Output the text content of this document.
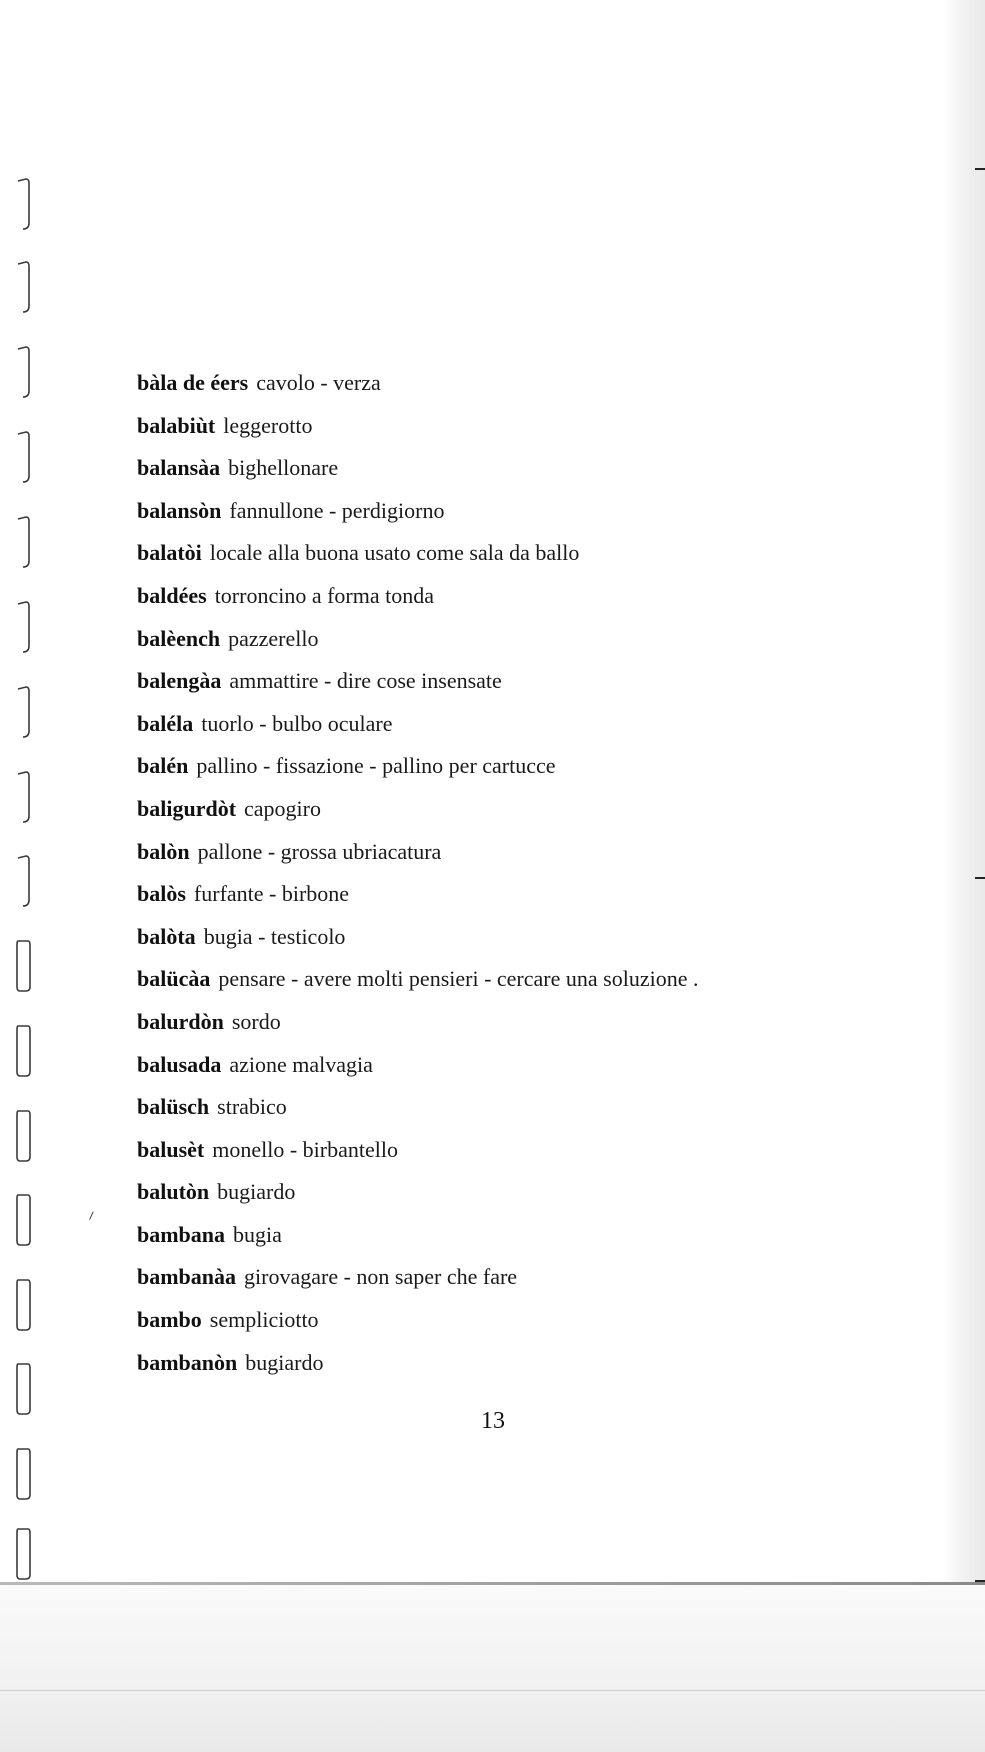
⸍
bàla de éers cavolo - verza
balabiùt leggerotto
balansàa bighellonare
balansòn fannullone - perdigiorno
balatòi locale alla buona usato come sala da ballo
baldées torroncino a forma tonda
balèench pazzerello
balengàa ammattire - dire cose insensate
baléla tuorlo - bulbo oculare
balén pallino - fissazione - pallino per cartucce
baligurdòt capogiro
balòn pallone - grossa ubriacatura
balòs furfante - birbone
balòta bugia - testicolo
balücàa pensare - avere molti pensieri - cercare una soluzione .
balurdòn sordo
balusada azione malvagia
balüsch strabico
balusèt monello - birbantello
balutòn bugiardo
bambana bugia
bambanàa girovagare - non saper che fare
bambo sempliciotto
bambanòn bugiardo
13
